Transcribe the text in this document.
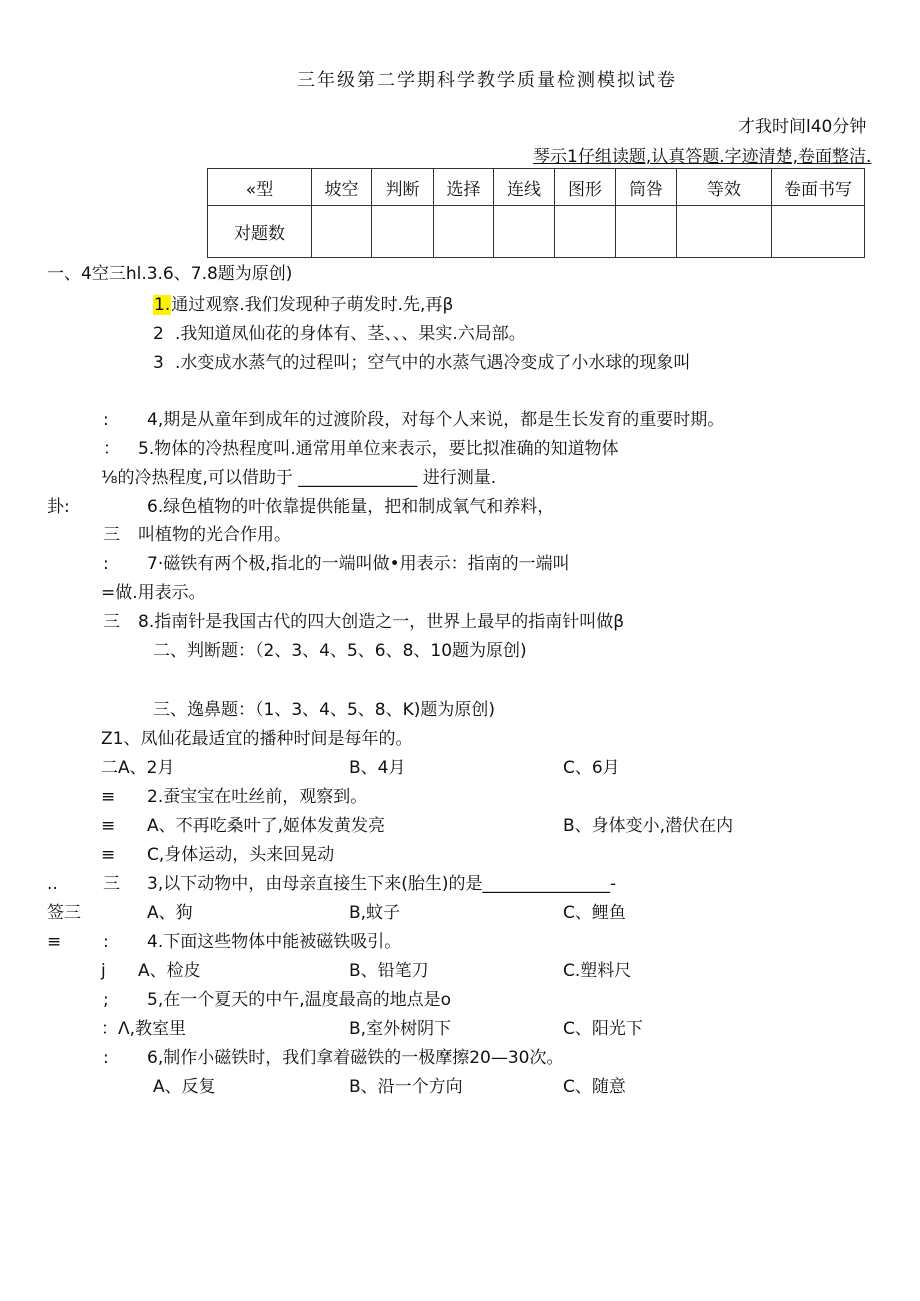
三年级第二学期科学教学质量检测模拟试卷
才我时间l40分钟
琴示1仔组读题,认真答题.字迹清楚,卷面整洁.
«型	坡空	判断	选择	连线	图形	筒咎	等效	卷面书写
对题数								
一、4空三hl.3.6、7.8题为原创)
1.通过观察.我们发现种子萌发时.先,再β
2 .我知道凤仙花的身体有、茎、、、果实.六局部。
3 .水变成水蒸气的过程叫；空气中的水蒸气遇冷变成了小水球的现象叫
: 4,期是从童年到成年的过渡阶段，对每个人来说，都是生长发育的重要时期。
： 5.物体的冷热程度叫.通常用单位来表示，要比拟准确的知道物体
⅛的冷热程度,可以借助于 ______________ 进行测量.
卦:	6.绿色植物的叶依靠提供能量，把和制成氧气和养料，
三 叫植物的光合作用。
: 7·磁铁有两个极,指北的一端叫做•用表示：指南的一端叫
=做.用表示。
三 8.指南针是我国古代的四大创造之一，世界上最早的指南针叫做β
二、判断题：（2、3、4、5、6、8、10题为原创)
三、逸鼻题：（1、3、4、5、8、K)题为原创)
Z1、凤仙花最适宜的播种时间是每年的。
二 A、2月	B、4月	C、6月
≡ 2.蚕宝宝在吐丝前，观察到。
≡ A、不再吃桑叶了,姬体发黄发亮	B、身体变小,潜伏在内
≡ C,身体运动，头来回晃动
..	三 3,以下动物中，由母亲直接生下来(胎生)的是_______________-
签三	A、狗	B,蚊子	C、鲤鱼
≡ : 4.下面这些物体中能被磁铁吸引。
j A、检皮	B、铅笔刀	C.塑料尺
; 5,在一个夏天的中午,温度最高的地点是o
： Λ,教室里	B,室外树阴下	C、阳光下
: 6,制作小磁铁时，我们拿着磁铁的一极摩擦20—30次。
A、反复	B、沿一个方向	C、随意
